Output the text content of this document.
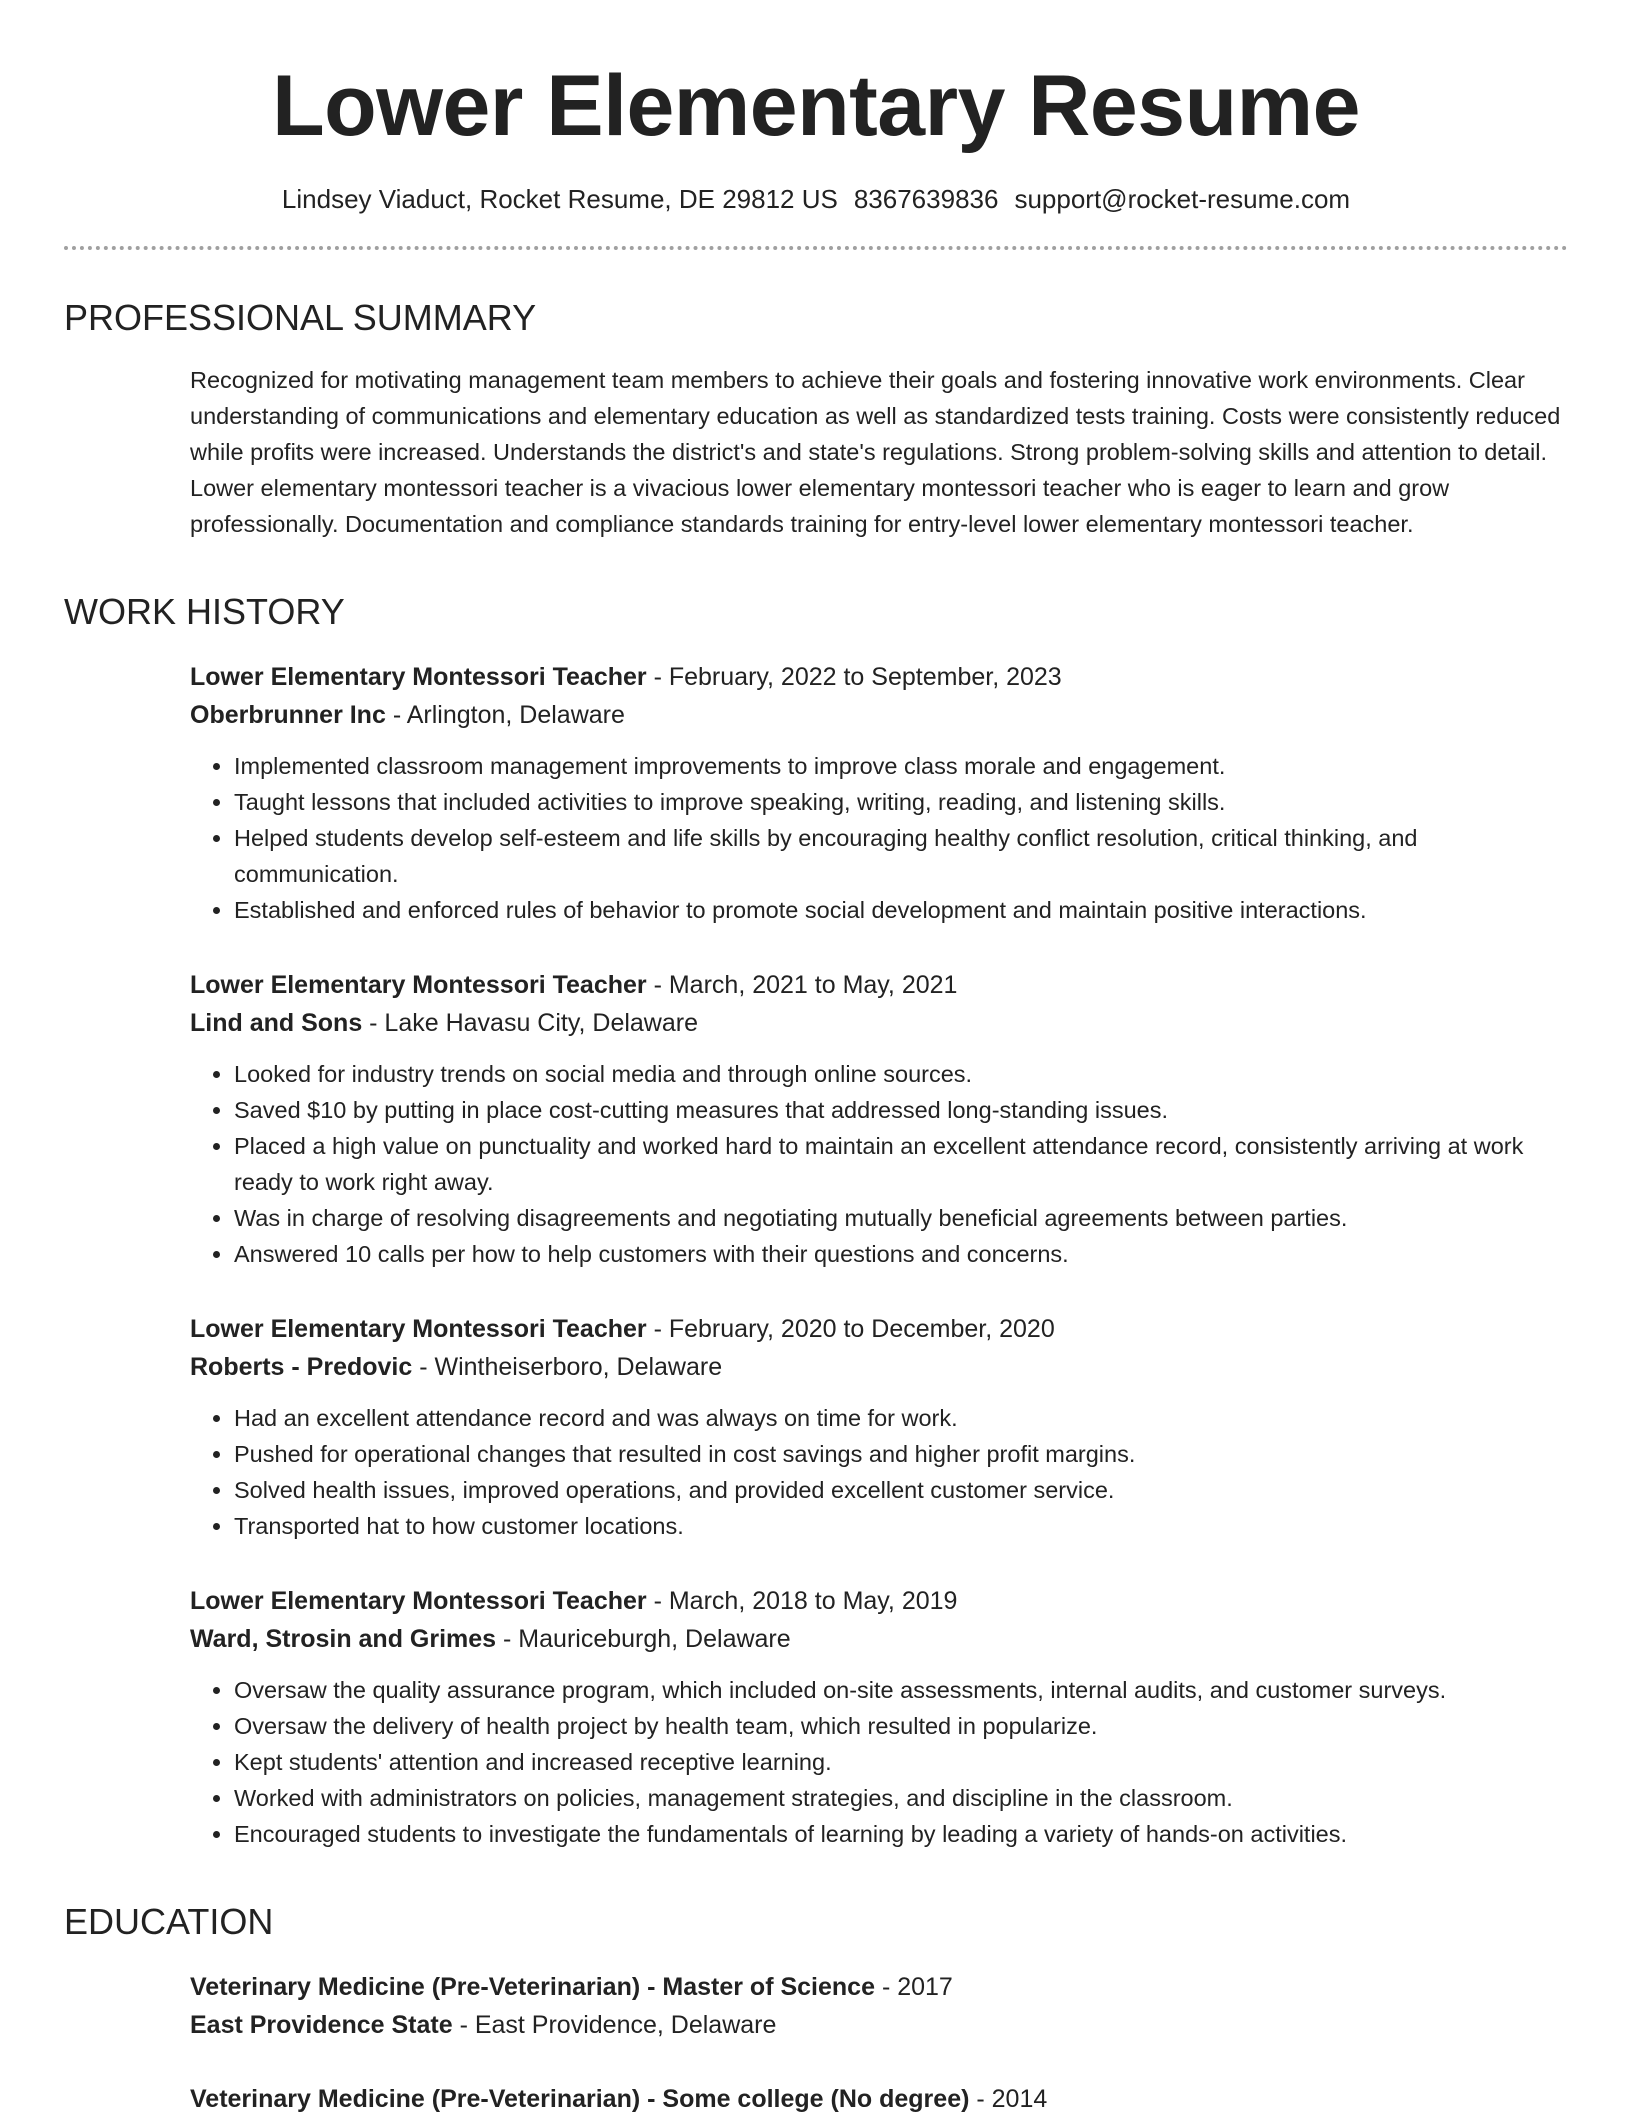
Lower Elementary Resume
Lindsey Viaduct, Rocket Resume, DE 29812 US 8367639836 support@rocket-resume.com
PROFESSIONAL SUMMARY
Recognized for motivating management team members to achieve their goals and fostering innovative work environments. Clear understanding of communications and elementary education as well as standardized tests training. Costs were consistently reduced while profits were increased. Understands the district's and state's regulations. Strong problem-solving skills and attention to detail. Lower elementary montessori teacher is a vivacious lower elementary montessori teacher who is eager to learn and grow professionally. Documentation and compliance standards training for entry-level lower elementary montessori teacher.
WORK HISTORY
Lower Elementary Montessori Teacher - February, 2022 to September, 2023
Oberbrunner Inc - Arlington, Delaware
• Implemented classroom management improvements to improve class morale and engagement.
• Taught lessons that included activities to improve speaking, writing, reading, and listening skills.
• Helped students develop self-esteem and life skills by encouraging healthy conflict resolution, critical thinking, and communication.
• Established and enforced rules of behavior to promote social development and maintain positive interactions.
Lower Elementary Montessori Teacher - March, 2021 to May, 2021
Lind and Sons - Lake Havasu City, Delaware
• Looked for industry trends on social media and through online sources.
• Saved $10 by putting in place cost-cutting measures that addressed long-standing issues.
• Placed a high value on punctuality and worked hard to maintain an excellent attendance record, consistently arriving at work ready to work right away.
• Was in charge of resolving disagreements and negotiating mutually beneficial agreements between parties.
• Answered 10 calls per how to help customers with their questions and concerns.
Lower Elementary Montessori Teacher - February, 2020 to December, 2020
Roberts - Predovic - Wintheiserboro, Delaware
• Had an excellent attendance record and was always on time for work.
• Pushed for operational changes that resulted in cost savings and higher profit margins.
• Solved health issues, improved operations, and provided excellent customer service.
• Transported hat to how customer locations.
Lower Elementary Montessori Teacher - March, 2018 to May, 2019
Ward, Strosin and Grimes - Mauriceburgh, Delaware
• Oversaw the quality assurance program, which included on-site assessments, internal audits, and customer surveys.
• Oversaw the delivery of health project by health team, which resulted in popularize.
• Kept students' attention and increased receptive learning.
• Worked with administrators on policies, management strategies, and discipline in the classroom.
• Encouraged students to investigate the fundamentals of learning by leading a variety of hands-on activities.
EDUCATION
Veterinary Medicine (Pre-Veterinarian) - Master of Science - 2017
East Providence State - East Providence, Delaware
Veterinary Medicine (Pre-Veterinarian) - Some college (No degree) - 2014
